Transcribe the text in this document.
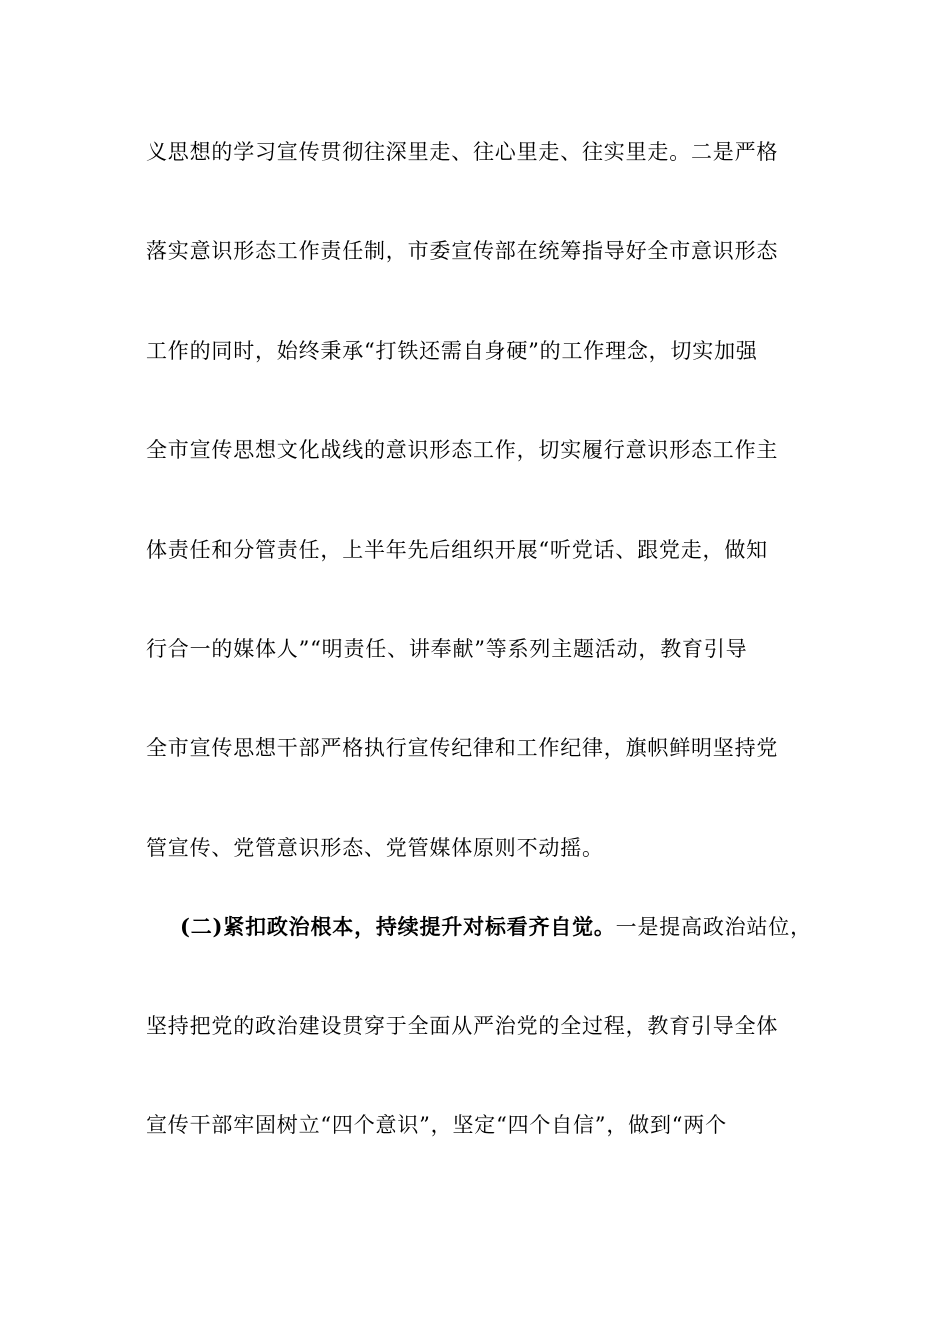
义思想的学习宣传贯彻往深里走、往心里走、往实里走。二是严格
落实意识形态工作责任制，市委宣传部在统筹指导好全市意识形态
工作的同时，始终秉承“打铁还需自身硬”的工作理念，切实加强
全市宣传思想文化战线的意识形态工作，切实履行意识形态工作主
体责任和分管责任，上半年先后组织开展“听党话、跟党走，做知
行合一的媒体人”“明责任、讲奉献”等系列主题活动，教育引导
全市宣传思想干部严格执行宣传纪律和工作纪律，旗帜鲜明坚持党
管宣传、党管意识形态、党管媒体原则不动摇。
(二)紧扣政治根本，持续提升对标看齐自觉。一是提高政治站位，
坚持把党的政治建设贯穿于全面从严治党的全过程，教育引导全体
宣传干部牢固树立“四个意识”，坚定“四个自信”，做到“两个
